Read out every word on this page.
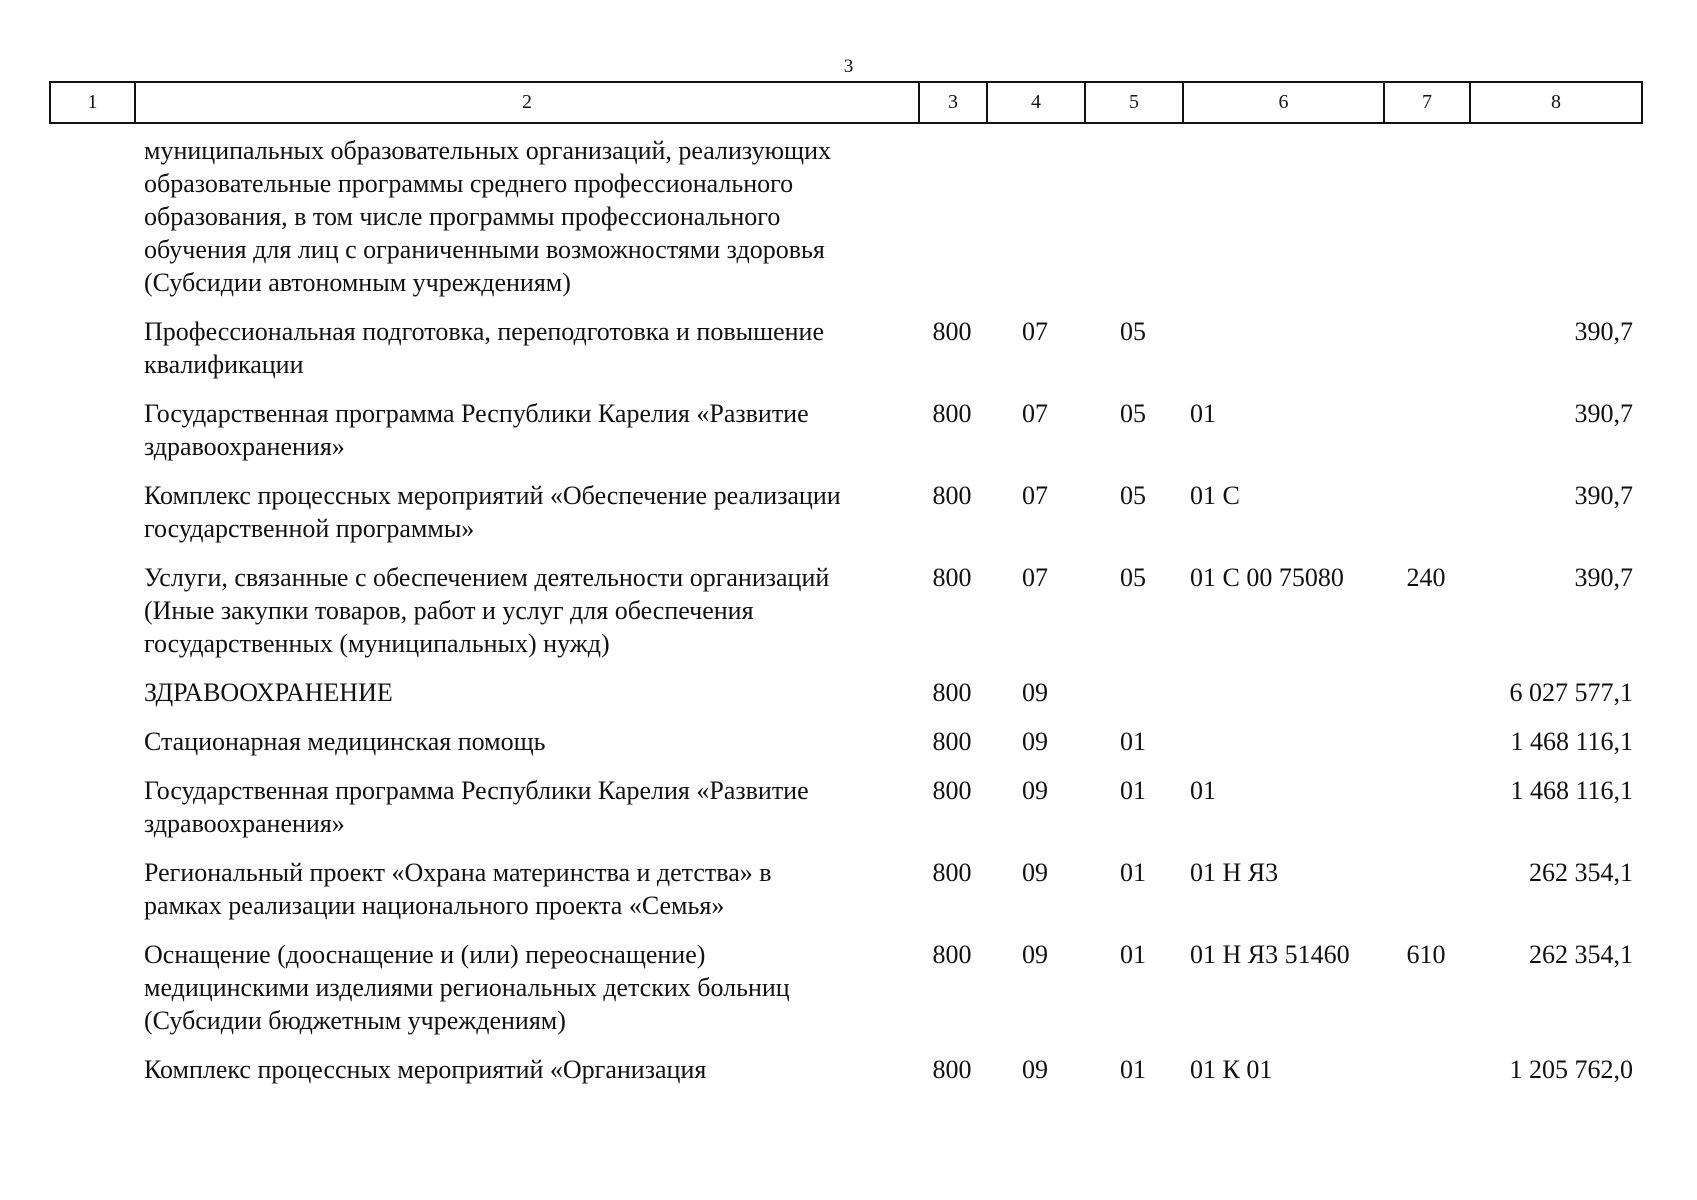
3
1	2	3	4	5	6	7	8

	муниципальных образовательных организаций, реализующих
образовательные программы среднего профессионального
образования, в том числе программы профессионального
обучения для лиц с ограниченными возможностями здоровья
(Субсидии автономным учреждениям)						

	Профессиональная подготовка, переподготовка и повышение
квалификации	800	07	05			390,7

	Государственная программа Республики Карелия «Развитие
здравоохранения»	800	07	05	01		390,7

	Комплекс процессных мероприятий «Обеспечение реализации
государственной программы»	800	07	05	01 С		390,7

	Услуги, связанные с обеспечением деятельности организаций
(Иные закупки товаров, работ и услуг для обеспечения
государственных (муниципальных) нужд)	800	07	05	01 С 00 75080	240	390,7

	ЗДРАВООХРАНЕНИЕ	800	09				6 027 577,1

	Стационарная медицинская помощь	800	09	01			1 468 116,1

	Государственная программа Республики Карелия «Развитие
здравоохранения»	800	09	01	01		1 468 116,1

	Региональный проект «Охрана материнства и детства» в
рамках реализации национального проекта «Семья»	800	09	01	01 Н Я3		262 354,1

	Оснащение (дооснащение и (или) переоснащение)
медицинскими изделиями региональных детских больниц
(Субсидии бюджетным учреждениям)	800	09	01	01 Н Я3 51460	610	262 354,1

	Комплекс процессных мероприятий «Организация	800	09	01	01 К 01		1 205 762,0
